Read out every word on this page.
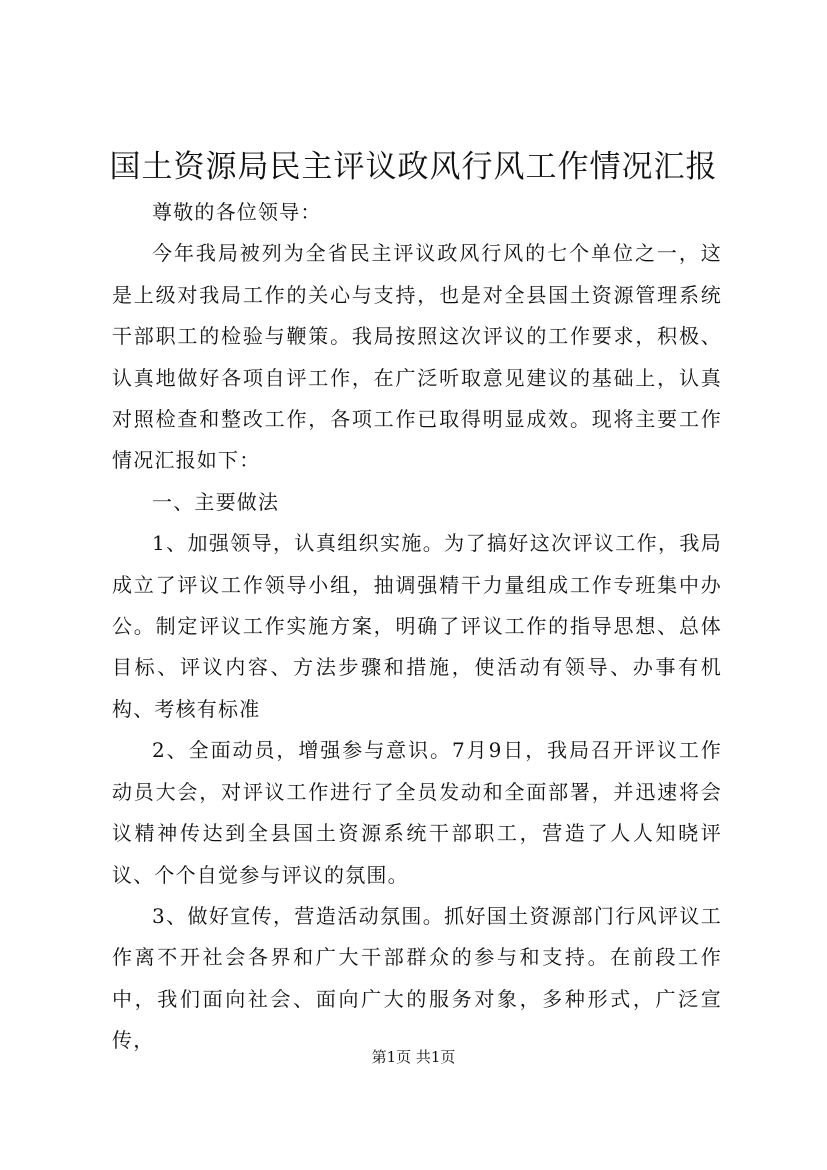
国土资源局民主评议政风行风工作情况汇报

尊敬的各位领导：

今年我局被列为全省民主评议政风行风的七个单位之一，这是上级对我局工作的关心与支持，也是对全县国土资源管理系统干部职工的检验与鞭策。我局按照这次评议的工作要求，积极、认真地做好各项自评工作，在广泛听取意见建议的基础上，认真对照检查和整改工作，各项工作已取得明显成效。现将主要工作情况汇报如下：

一、主要做法

1、加强领导，认真组织实施。为了搞好这次评议工作，我局成立了评议工作领导小组，抽调强精干力量组成工作专班集中办公。制定评议工作实施方案，明确了评议工作的指导思想、总体目标、评议内容、方法步骤和措施，使活动有领导、办事有机构、考核有标准

2、全面动员，增强参与意识。7月9日，我局召开评议工作动员大会，对评议工作进行了全员发动和全面部署，并迅速将会议精神传达到全县国土资源系统干部职工，营造了人人知晓评议、个个自觉参与评议的氛围。

3、做好宣传，营造活动氛围。抓好国土资源部门行风评议工作离不开社会各界和广大干部群众的参与和支持。在前段工作中，我们面向社会、面向广大的服务对象，多种形式，广泛宣传，

第1页 共1页
